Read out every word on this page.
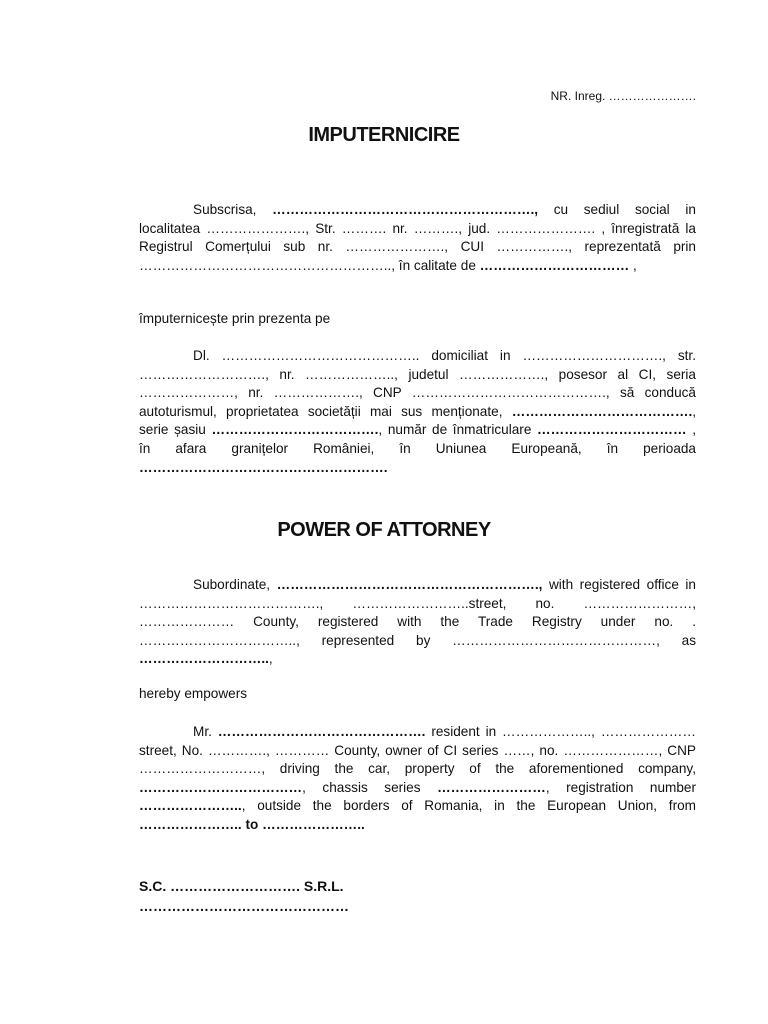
NR. Inreg. ………………….
IMPUTERNICIRE

Subscrisa, …………………………………………………., cu sediul social in localitatea …………………., Str. ………. nr. ………., jud. …………………. , înregistrată la Registrul Comerțului sub nr. …………………., CUI ……………., reprezentată prin ……………………………………………….., în calitate de …………………………… ,

împuternicește prin prezenta pe

Dl. …………………………………….. domiciliat in …………………………., str. ………………………., nr. ……………….., judetul ………………., posesor al CI, seria …………………, nr. ………………., CNP ……………………………………., să conducă autoturismul, proprietatea societății mai sus menționate, …………………………………., serie șasiu ………………………………., număr de înmatriculare …………………………… , în afara granițelor României, în Uniunea Europeană, în perioada ……………………………………………….

POWER OF ATTORNEY

Subordinate, …………………………………………………., with registered office in …………………………………., ……………………..street, no. ……………………, ………………… County, registered with the Trade Registry under no. . …………………………….., represented by ………………………………………, as ………………………..,

hereby empowers

Mr. ………………………………………. resident in ……………….., ………………… street, No. …………., ………… County, owner of CI series ……, no. …………………, CNP ………………………, driving the car, property of the aforementioned company, ………………………………, chassis series ……………………, registration number ………………….., outside the borders of Romania, in the European Union, from ………………….. to …………………..

S.C. ………………………. S.R.L.
………………………………………
